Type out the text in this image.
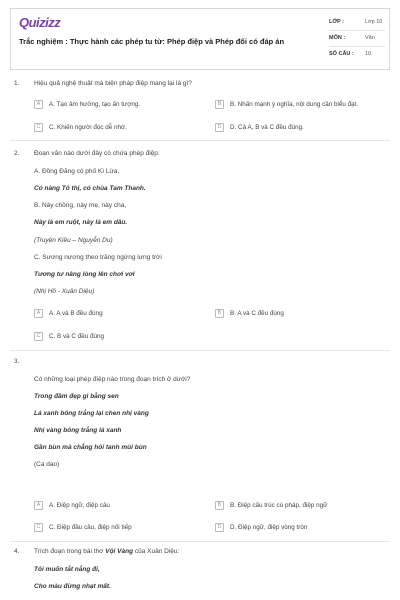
Quizizz
Trắc nghiệm : Thực hành các phép tu từ: Phép điệp và Phép đối có đáp án
LỚP :	Lớp 10
MÔN :	Văn
SỐ CÂU : 10
1. Hiệu quả nghệ thuật mà biện pháp điệp mang lại là gì?
A	A. Tạo âm hưởng, tạo ấn tượng.	B	B. Nhấn mạnh ý nghĩa, nội dung cần biểu đạt.
C	C. Khiến người đọc dễ nhớ.	D	D. Cả A, B và C đều đúng.
2. Đoạn văn nào dưới đây có chứa phép điệp:
A. Đồng Đăng có phố Kì Lừa,
Có nàng Tô thị, có chùa Tam Thanh.
B. Này chồng, này mẹ, này cha,
Này là em ruột, này là em dâu.
(Truyện Kiều – Nguyễn Du)
C. Sương nương theo trăng ngừng lưng trời
Tương tư nâng lòng lên chơi vơi
(Nhị Hồ - Xuân Diệu)
A	A. A và B đều đúng	B	B. A và C đều đúng
C	C. B và C đều đúng
3.
Có những loại phép điệp nào trong đoạn trích ở dưới?
Trong đầm đẹp gì bằng sen
Lá xanh bông trắng lại chen nhị vàng
Nhị vàng bông trắng lá xanh
Gần bùn mà chẳng hôi tanh mùi bùn
(Ca dao)
A	A. Điệp ngữ, điệp câu	B	B. Điệp cấu trúc cú pháp, điệp ngữ
C	C. Điệp đầu câu, điệp nối tiếp	D	D. Điệp ngữ, điệp vòng tròn
4. Trích đoạn trong bài thơ Vội Vàng của Xuân Diệu:
Tôi muốn tắt nắng đi,
Cho màu đừng nhạt mất.
